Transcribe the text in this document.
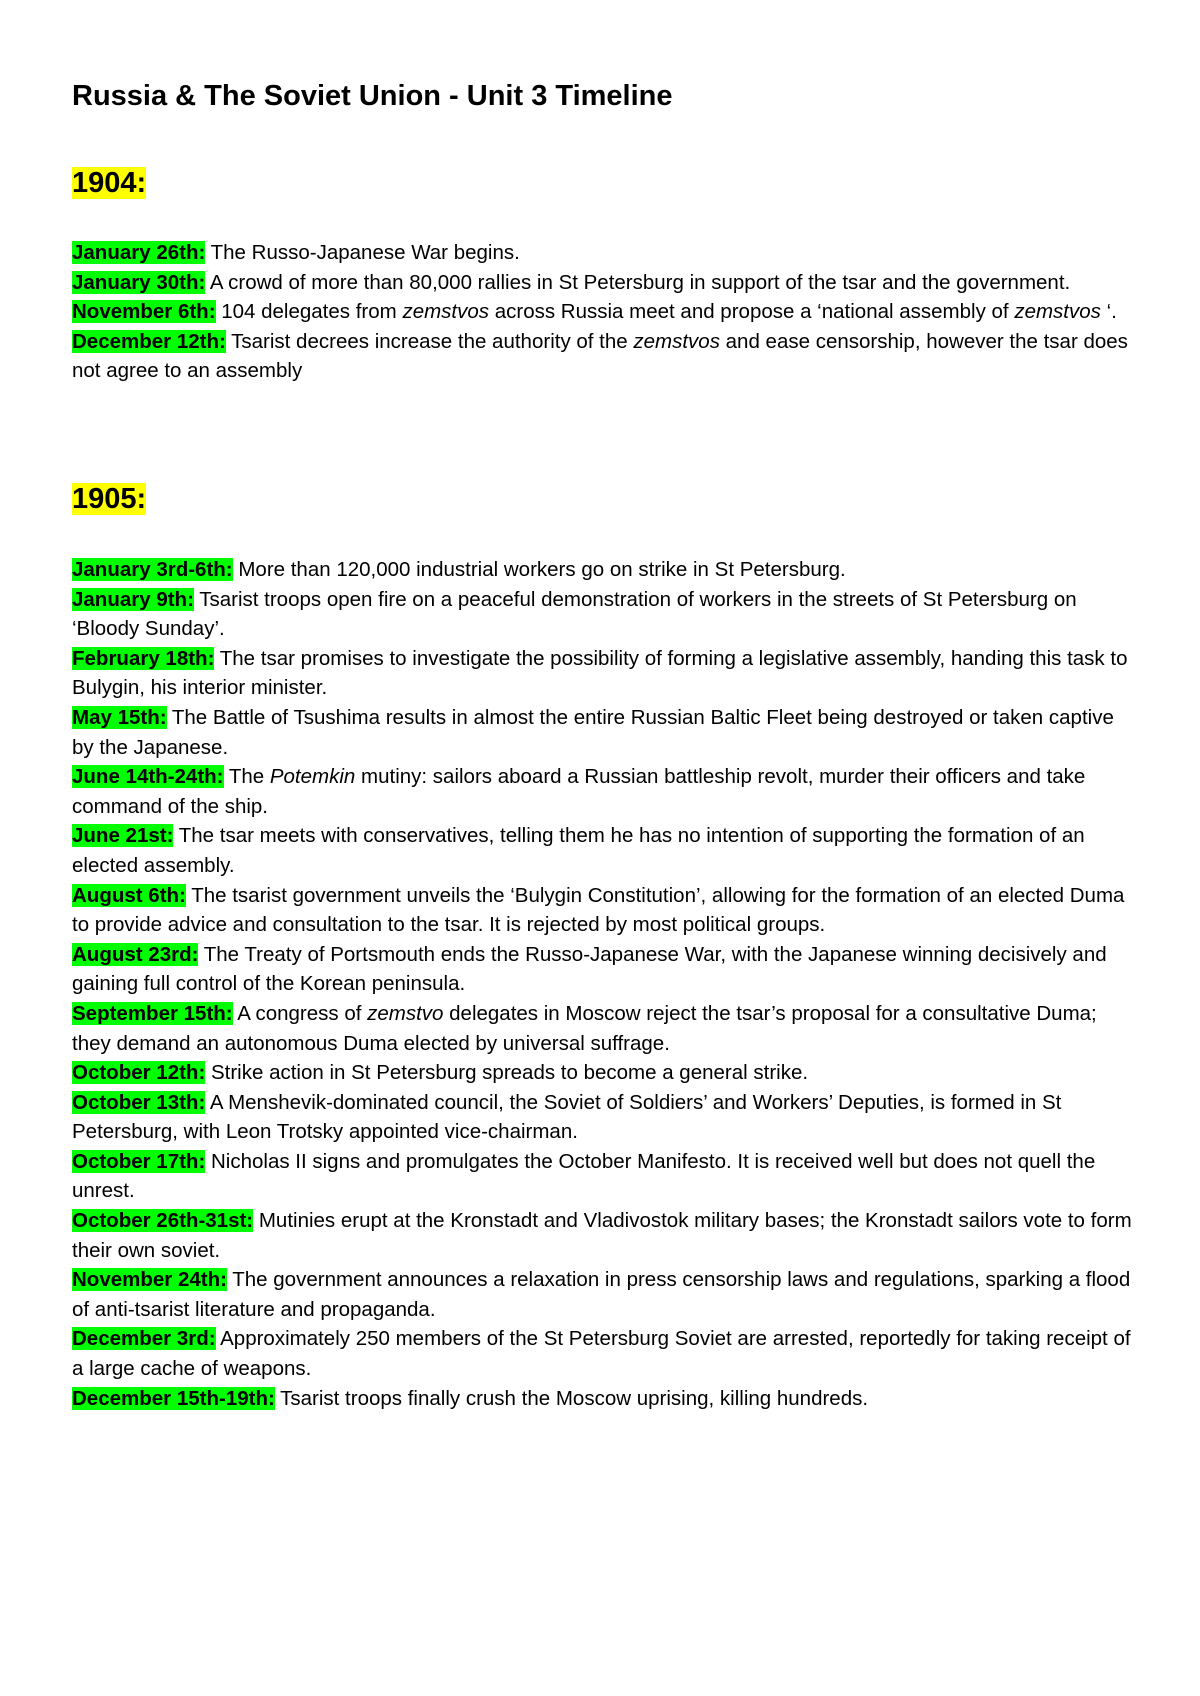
Russia & The Soviet Union - Unit 3 Timeline
1904:

January 26th: The Russo-Japanese War begins.

January 30th: A crowd of more than 80,000 rallies in St Petersburg in support of the tsar and the government.

November 6th: 104 delegates from zemstvos across Russia meet and propose a ‘national assembly of zemstvos ‘.

December 12th: Tsarist decrees increase the authority of the zemstvos and ease censorship, however the tsar does not agree to an assembly

1905:

January 3rd-6th: More than 120,000 industrial workers go on strike in St Petersburg.

January 9th: Tsarist troops open fire on a peaceful demonstration of workers in the streets of St Petersburg on ‘Bloody Sunday’.

February 18th: The tsar promises to investigate the possibility of forming a legislative assembly, handing this task to Bulygin, his interior minister.

May 15th: The Battle of Tsushima results in almost the entire Russian Baltic Fleet being destroyed or taken captive by the Japanese.

June 14th-24th: The Potemkin mutiny: sailors aboard a Russian battleship revolt, murder their officers and take command of the ship.

June 21st: The tsar meets with conservatives, telling them he has no intention of supporting the formation of an elected assembly.

August 6th: The tsarist government unveils the ‘Bulygin Constitution’, allowing for the formation of an elected Duma to provide advice and consultation to the tsar. It is rejected by most political groups.

August 23rd: The Treaty of Portsmouth ends the Russo-Japanese War, with the Japanese winning decisively and gaining full control of the Korean peninsula.

September 15th: A congress of zemstvo delegates in Moscow reject the tsar’s proposal for a consultative Duma; they demand an autonomous Duma elected by universal suffrage.

October 12th: Strike action in St Petersburg spreads to become a general strike.

October 13th: A Menshevik-dominated council, the Soviet of Soldiers’ and Workers’ Deputies, is formed in St Petersburg, with Leon Trotsky appointed vice-chairman.

October 17th: Nicholas II signs and promulgates the October Manifesto. It is received well but does not quell the unrest.

October 26th-31st: Mutinies erupt at the Kronstadt and Vladivostok military bases; the Kronstadt sailors vote to form their own soviet.

November 24th: The government announces a relaxation in press censorship laws and regulations, sparking a flood of anti-tsarist literature and propaganda.

December 3rd: Approximately 250 members of the St Petersburg Soviet are arrested, reportedly for taking receipt of a large cache of weapons.

December 15th-19th: Tsarist troops finally crush the Moscow uprising, killing hundreds.
